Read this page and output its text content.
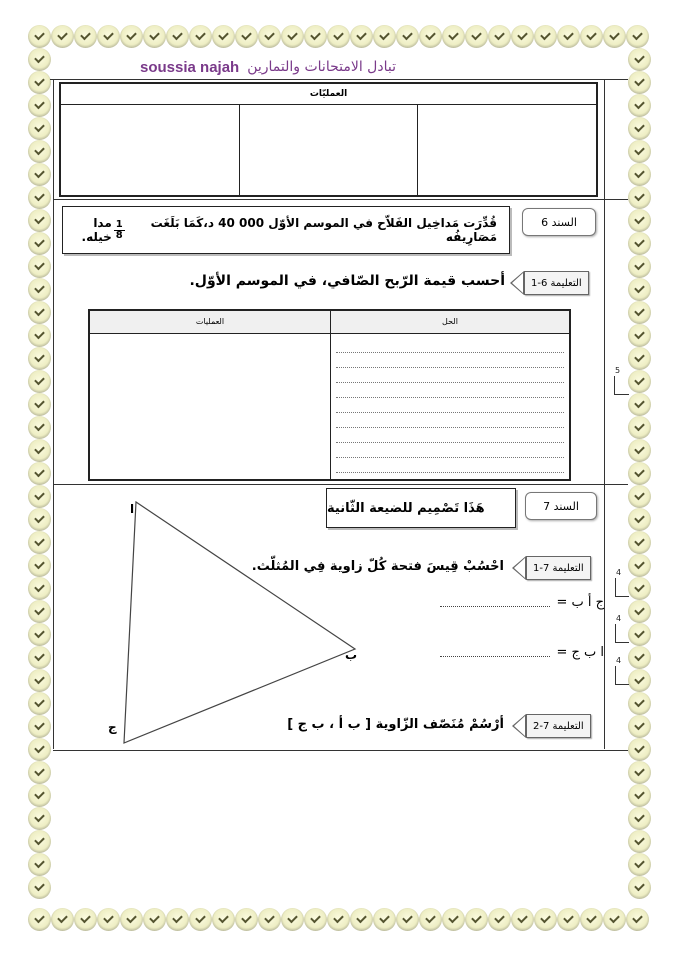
soussia najah تبادل الامتحانات والتمارين
العمليّات
السند 6
قُدِّرَت مَداخِيل الفَلاّح في الموسم الأوّل 000 40 د،كَمَا بَلَغَت مَصَارِيفُه
$\frac{1}{8}$
مدا خيله.
التعليمة 6-1
أحسب قيمة الرّبح الصّافي، في الموسم الأوّل.
العمليات	الحل
5
السند 7
هَذَا تَصْمِيم للضيعة الثّانية
ا
ب
ج
التعليمة 7-1
احْسُبْ قِيسَ فتحة كُلّ زاوية فِي المُثلّث.
ج أ ب =
ا ب ج =
4
4
4
التعليمة 7-2
أرْسُمْ مُنَصّف الزّاوية [ ب أ ، ب ج ]
